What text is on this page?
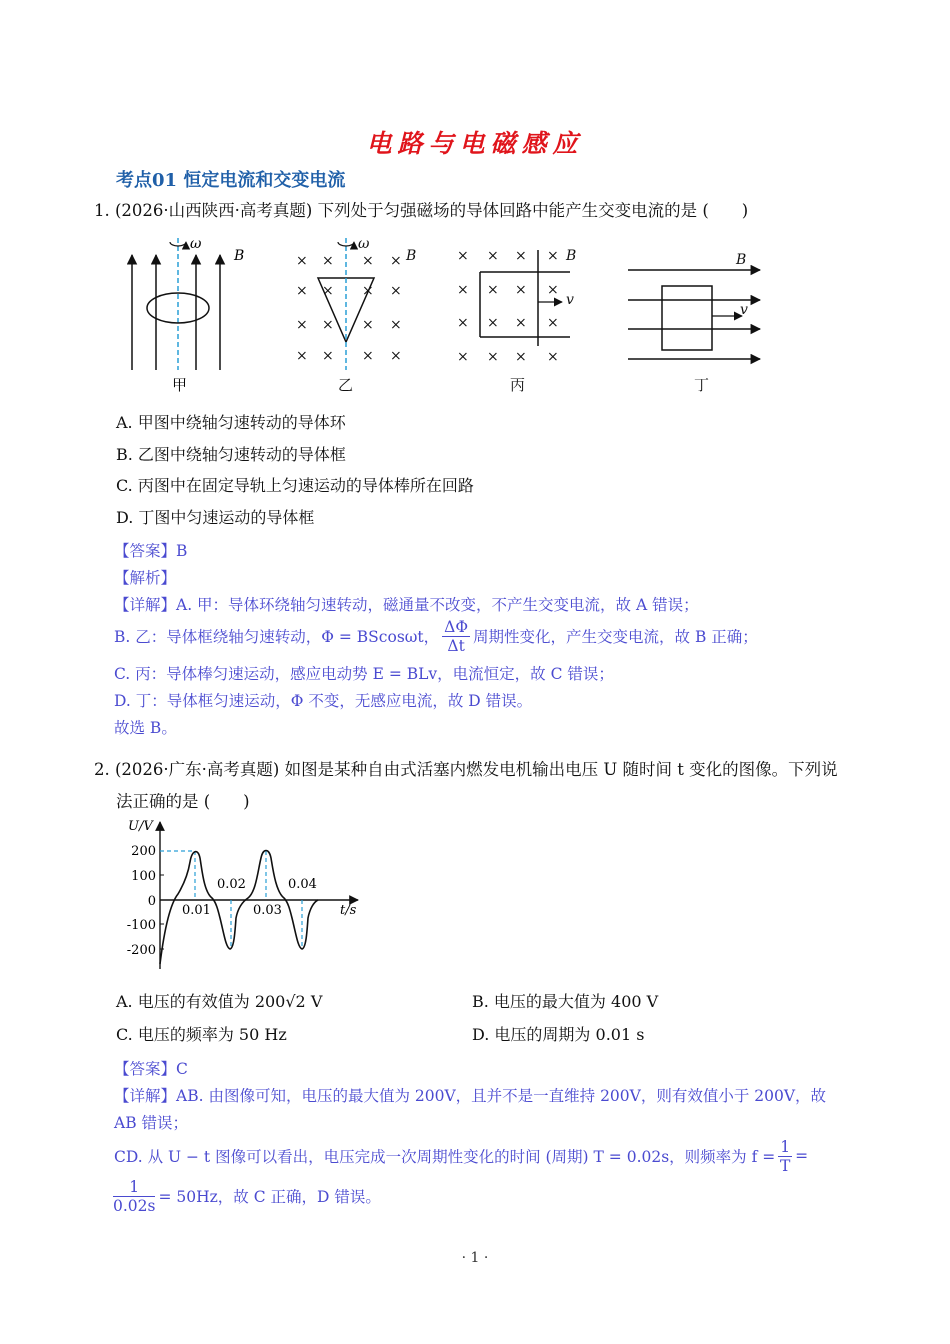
电路与电磁感应
考点01 恒定电流和交变电流
1. (2026·山西陕西·高考真题) 下列处于匀强磁场的导体回路中能产生交变电流的是 (　　)
ω
B
甲
× × × ×
×	×
× × × ×
× × × ×
× ×
ω
B
乙
× × × ×
× × × ×
× × × ×
× × × ×
v
B
丙
v
B
丁
A. 甲图中绕轴匀速转动的导体环
B. 乙图中绕轴匀速转动的导体框
C. 丙图中在固定导轨上匀速运动的导体棒所在回路
D. 丁图中匀速运动的导体框
【答案】B
【解析】
【详解】A. 甲：导体环绕轴匀速转动，磁通量不改变，不产生交变电流，故 A 错误；
B. 乙：导体框绕轴匀速转动，Φ = BScosωt， $\frac{\Delta\Phi}{\Delta t}$ 周期性变化，产生交变电流，故 B 正确；
C. 丙：导体棒匀速运动，感应电动势 E = BLv，电流恒定，故 C 错误；
D. 丁：导体框匀速运动，Φ 不变，无感应电流，故 D 错误。
故选 B。
2. (2026·广东·高考真题) 如图是某种自由式活塞内燃发电机输出电压 U 随时间 t 变化的图像。下列说
法正确的是 (　　)
U/V
t/s
200
100
0
-100
-200
0.01
0.02
0.03
0.04
A. 电压的有效值为 200√2 V	B. 电压的最大值为 400 V
C. 电压的频率为 50 Hz	D. 电压的周期为 0.01 s
【答案】C
【详解】AB. 由图像可知，电压的最大值为 200V，且并不是一直维持 200V，则有效值小于 200V，故
AB 错误；
CD. 从 U − t 图像可以看出，电压完成一次周期性变化的时间 (周期) T = 0.02s，则频率为 $f = \frac{1}{T}$ =
$\frac{1}{0.02s} = 50Hz$，故 C 正确，D 错误。
· 1 ·
